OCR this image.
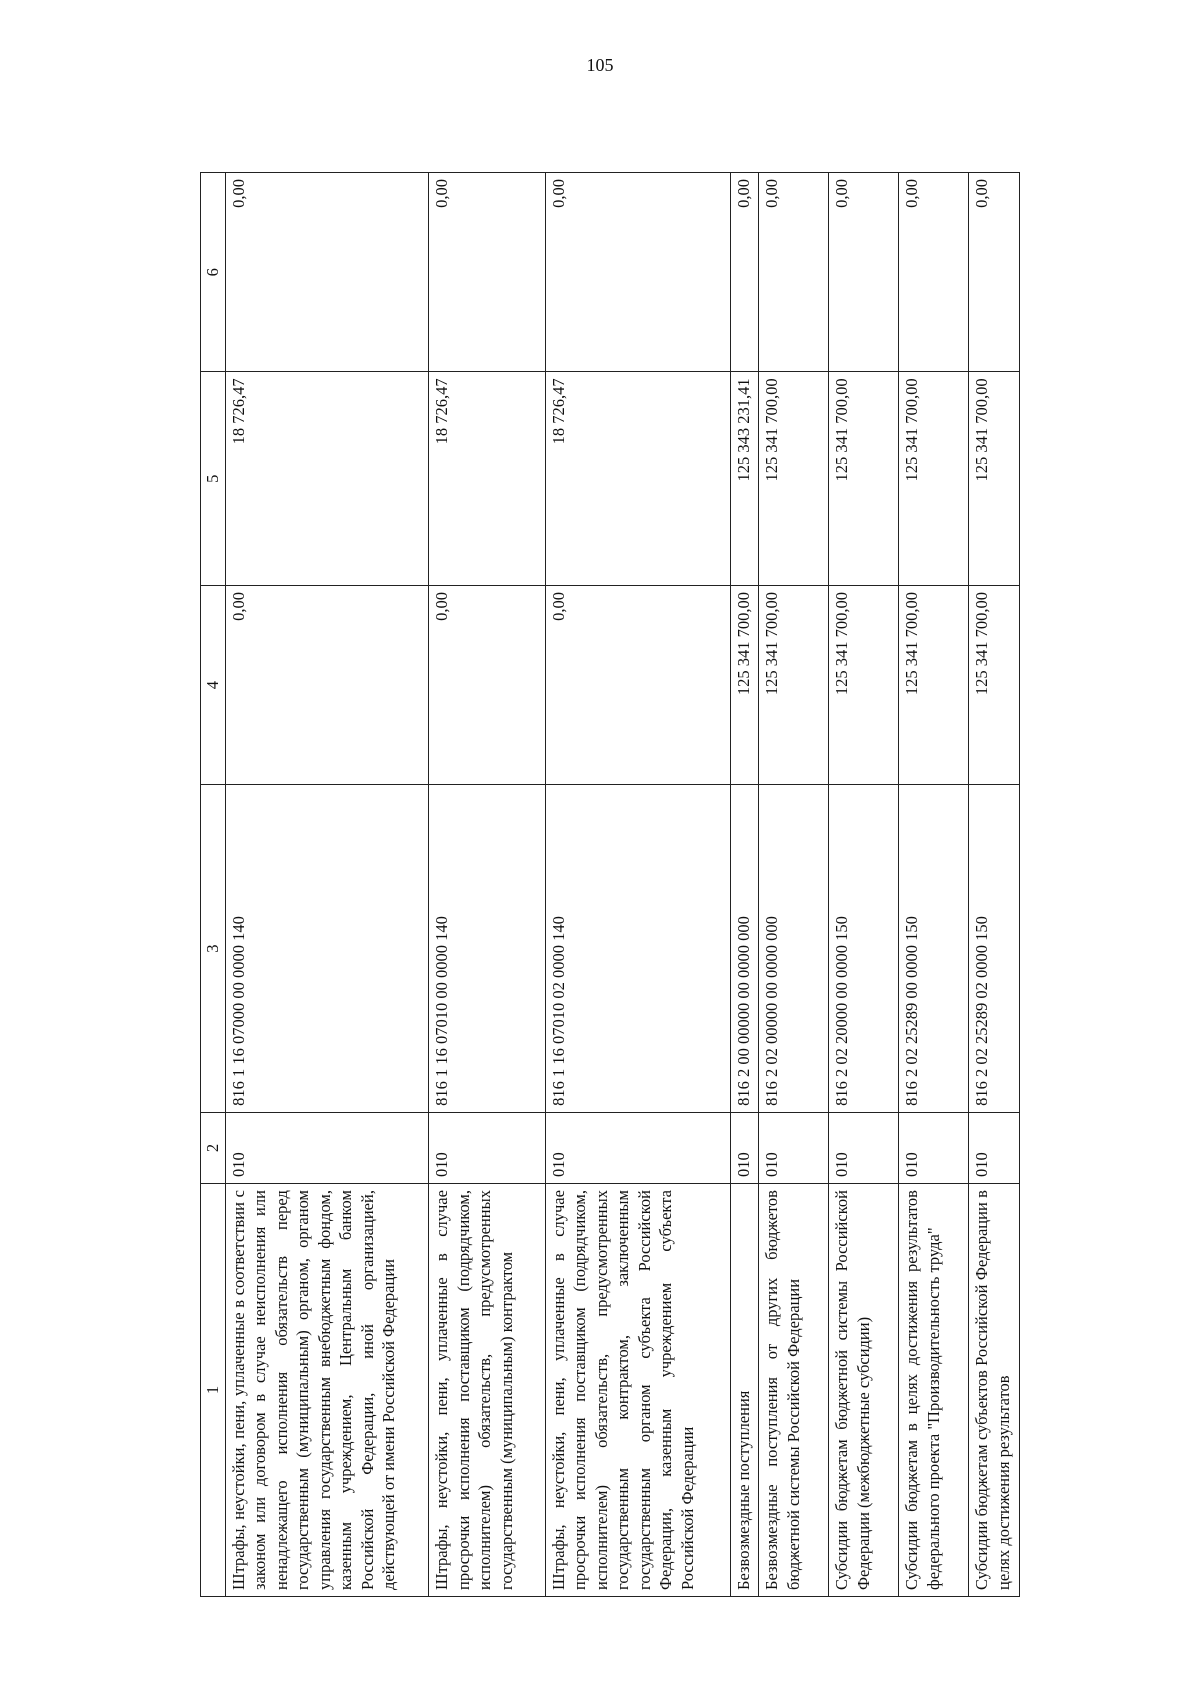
105
1	2	3	4	5	6
Штрафы, неустойки, пени, уплаченные в соответствии с законом или договором в случае неисполнения или ненадлежащего исполнения обязательств перед государственным (муниципальным) органом, органом управления государственным внебюджетным фондом, казенным учреждением, Центральным банком Российской Федерации, иной организацией, действующей от имени Российской Федерации	010	816 1 16 07000 00 0000 140	0,00	18 726,47	0,00
Штрафы, неустойки, пени, уплаченные в случае просрочки исполнения поставщиком (подрядчиком, исполнителем) обязательств, предусмотренных государственным (муниципальным) контрактом	010	816 1 16 07010 00 0000 140	0,00	18 726,47	0,00
Штрафы, неустойки, пени, уплаченные в случае просрочки исполнения поставщиком (подрядчиком, исполнителем) обязательств, предусмотренных государственным контрактом, заключенным государственным органом субъекта Российской Федерации, казенным учреждением субъекта Российской Федерации	010	816 1 16 07010 02 0000 140	0,00	18 726,47	0,00
Безвозмездные поступления	010	816 2 00 00000 00 0000 000	125 341 700,00	125 343 231,41	0,00
Безвозмездные поступления от других бюджетов бюджетной системы Российской Федерации	010	816 2 02 00000 00 0000 000	125 341 700,00	125 341 700,00	0,00
Субсидии бюджетам бюджетной системы Российской Федерации (межбюджетные субсидии)	010	816 2 02 20000 00 0000 150	125 341 700,00	125 341 700,00	0,00
Субсидии бюджетам в целях достижения результатов федерального проекта "Производительность труда"	010	816 2 02 25289 00 0000 150	125 341 700,00	125 341 700,00	0,00
Субсидии бюджетам субъектов Российской Федерации в целях достижения результатов	010	816 2 02 25289 02 0000 150	125 341 700,00	125 341 700,00	0,00
